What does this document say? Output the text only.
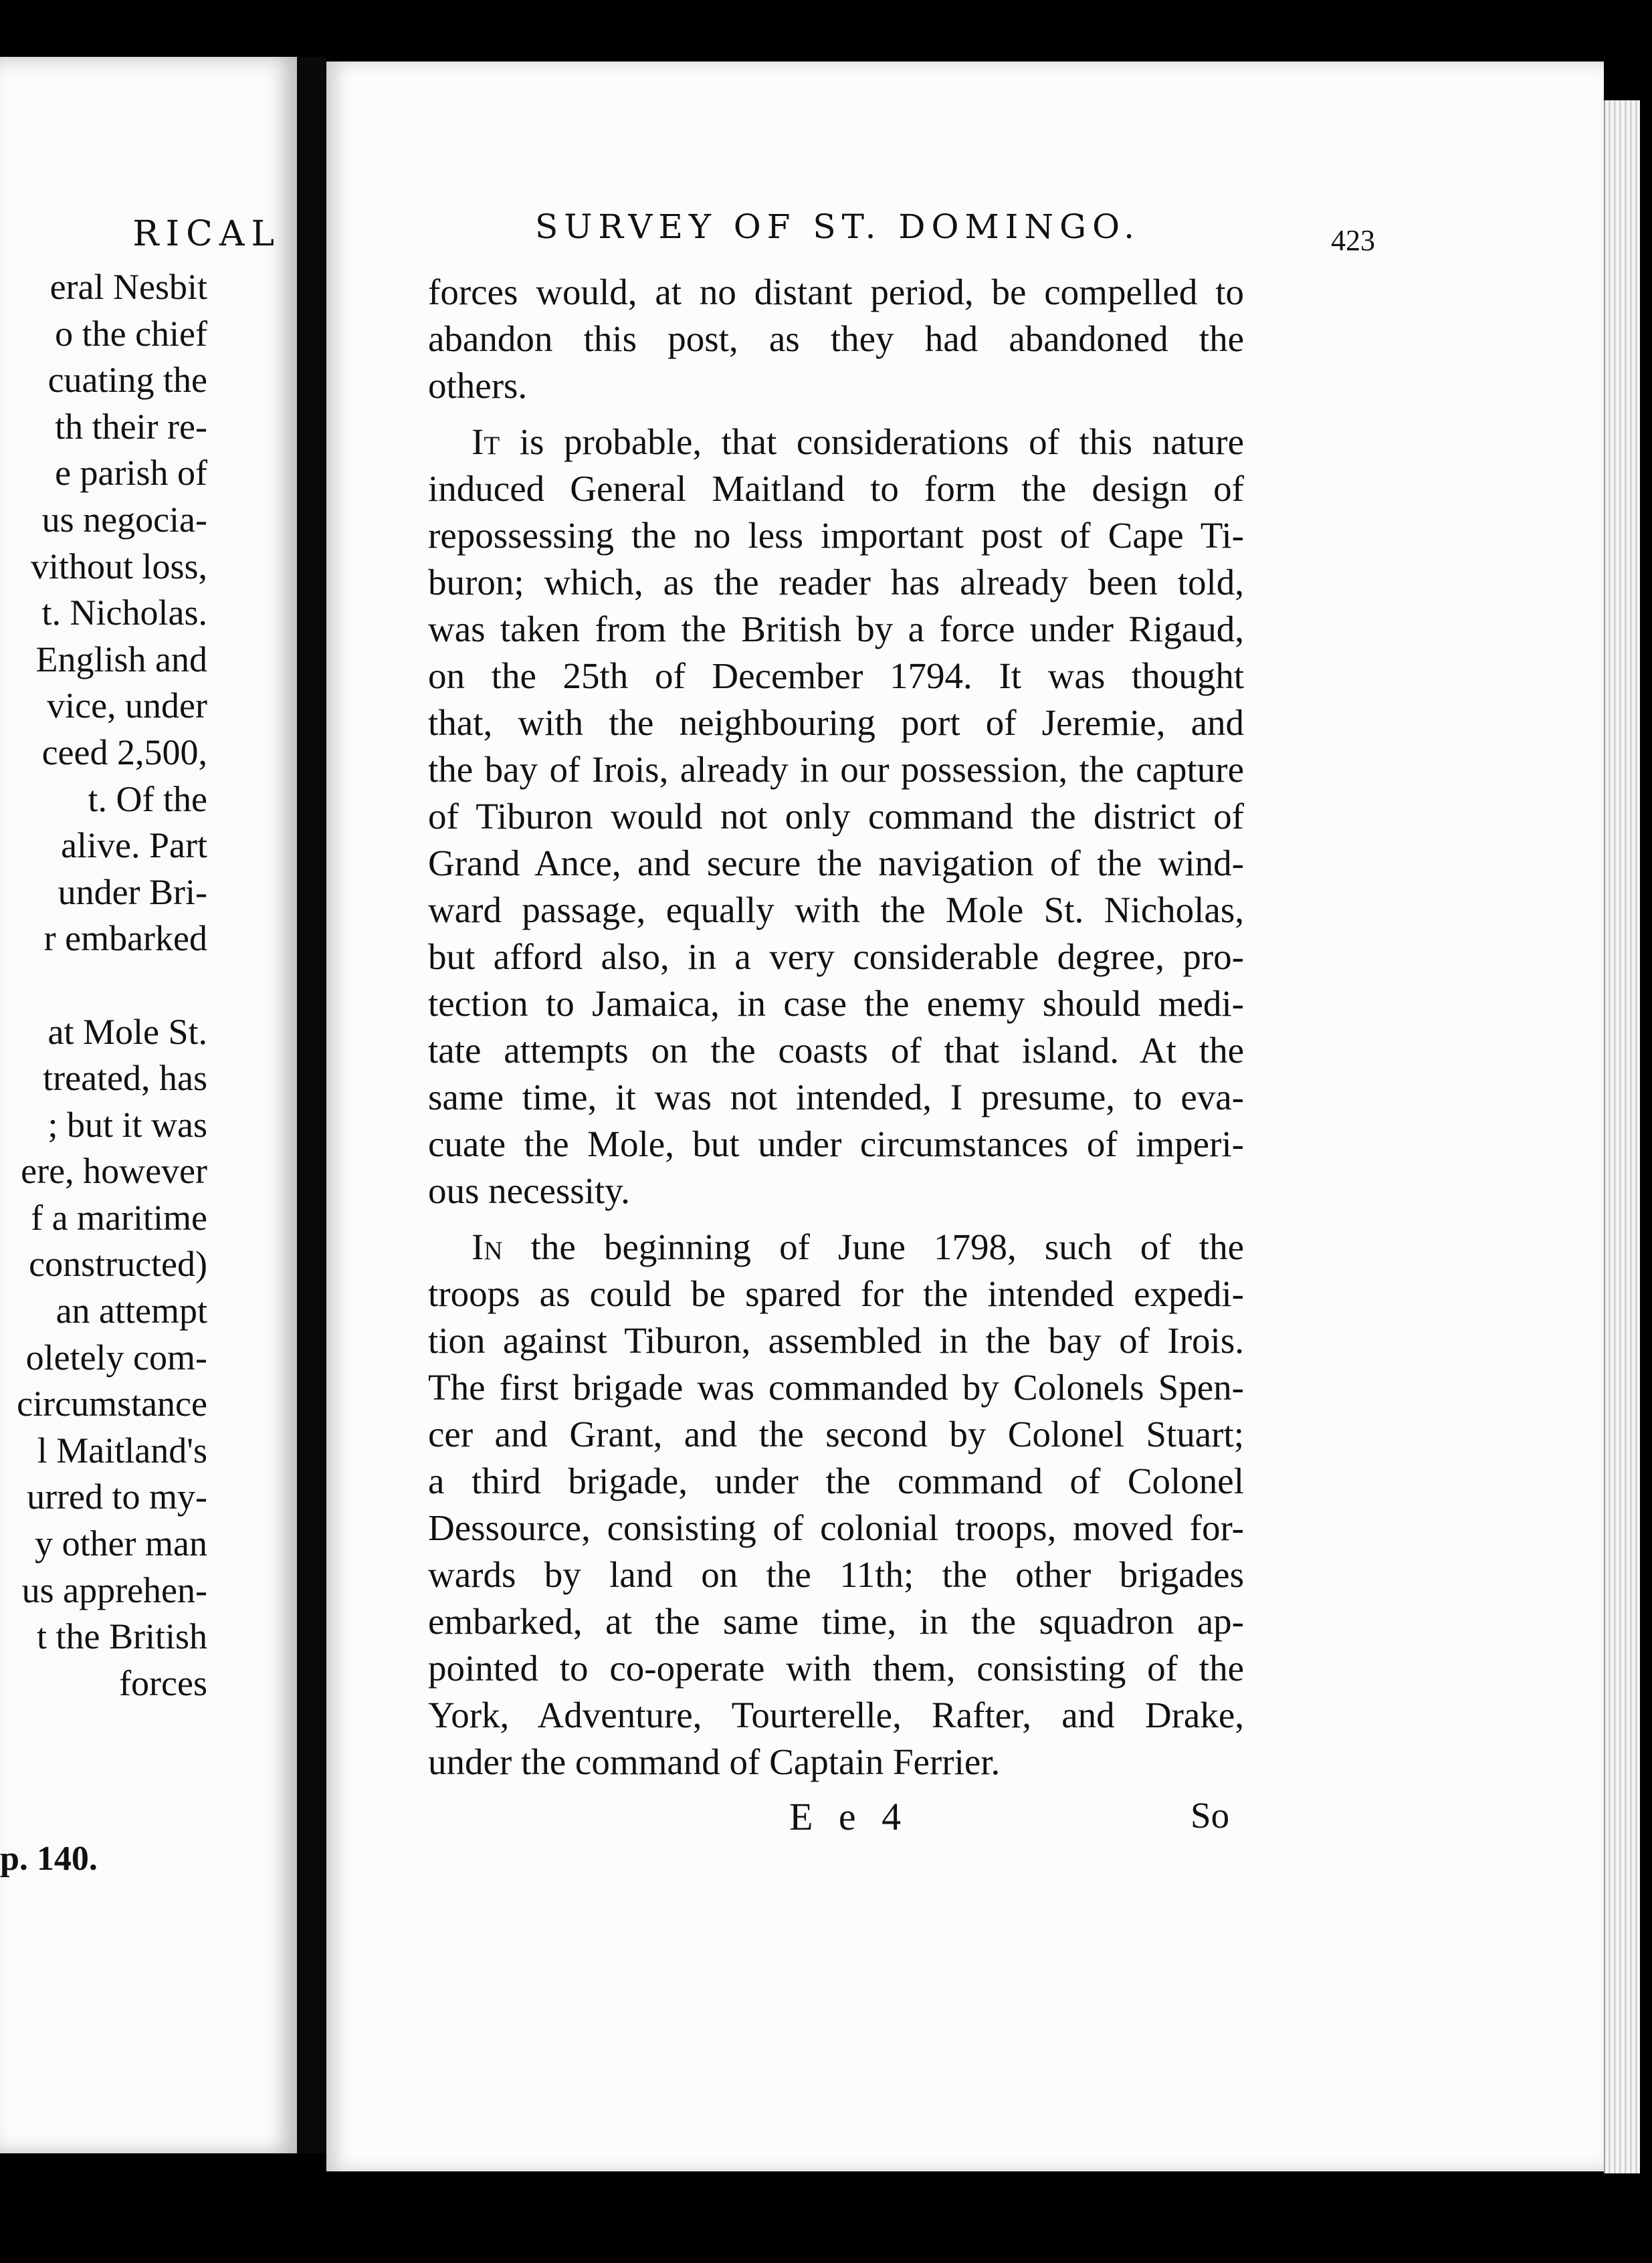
RICAL
eral Nesbit
o the chief
cuating the
th their re-
e parish of
us negocia-
vithout loss,
t. Nicholas.
English and
vice, under
ceed 2,500,
t. Of the
alive. Part
under Bri-
r embarked
at Mole St.
treated, has
; but it was
ere, however
f a maritime
constructed)
an attempt
oletely com-
circumstance
l Maitland's
urred to my-
y other man
us apprehen-
t the British
forces
p. 140.
SURVEY OF ST. DOMINGO.	423
forces would, at no distant period, be compelled to
abandon this post, as they had abandoned the
others.
It is probable, that considerations of this nature
induced General Maitland to form the design of
repossessing the no less important post of Cape Ti-
buron; which, as the reader has already been told,
was taken from the British by a force under Rigaud,
on the 25th of December 1794. It was thought
that, with the neighbouring port of Jeremie, and
the bay of Irois, already in our possession, the capture
of Tiburon would not only command the district of
Grand Ance, and secure the navigation of the wind-
ward passage, equally with the Mole St. Nicholas,
but afford also, in a very considerable degree, pro-
tection to Jamaica, in case the enemy should medi-
tate attempts on the coasts of that island. At the
same time, it was not intended, I presume, to eva-
cuate the Mole, but under circumstances of imperi-
ous necessity.
In the beginning of June 1798, such of the
troops as could be spared for the intended expedi-
tion against Tiburon, assembled in the bay of Irois.
The first brigade was commanded by Colonels Spen-
cer and Grant, and the second by Colonel Stuart;
a third brigade, under the command of Colonel
Dessource, consisting of colonial troops, moved for-
wards by land on the 11th; the other brigades
embarked, at the same time, in the squadron ap-
pointed to co-operate with them, consisting of the
York, Adventure, Tourterelle, Rafter, and Drake,
under the command of Captain Ferrier.
E e 4	So
